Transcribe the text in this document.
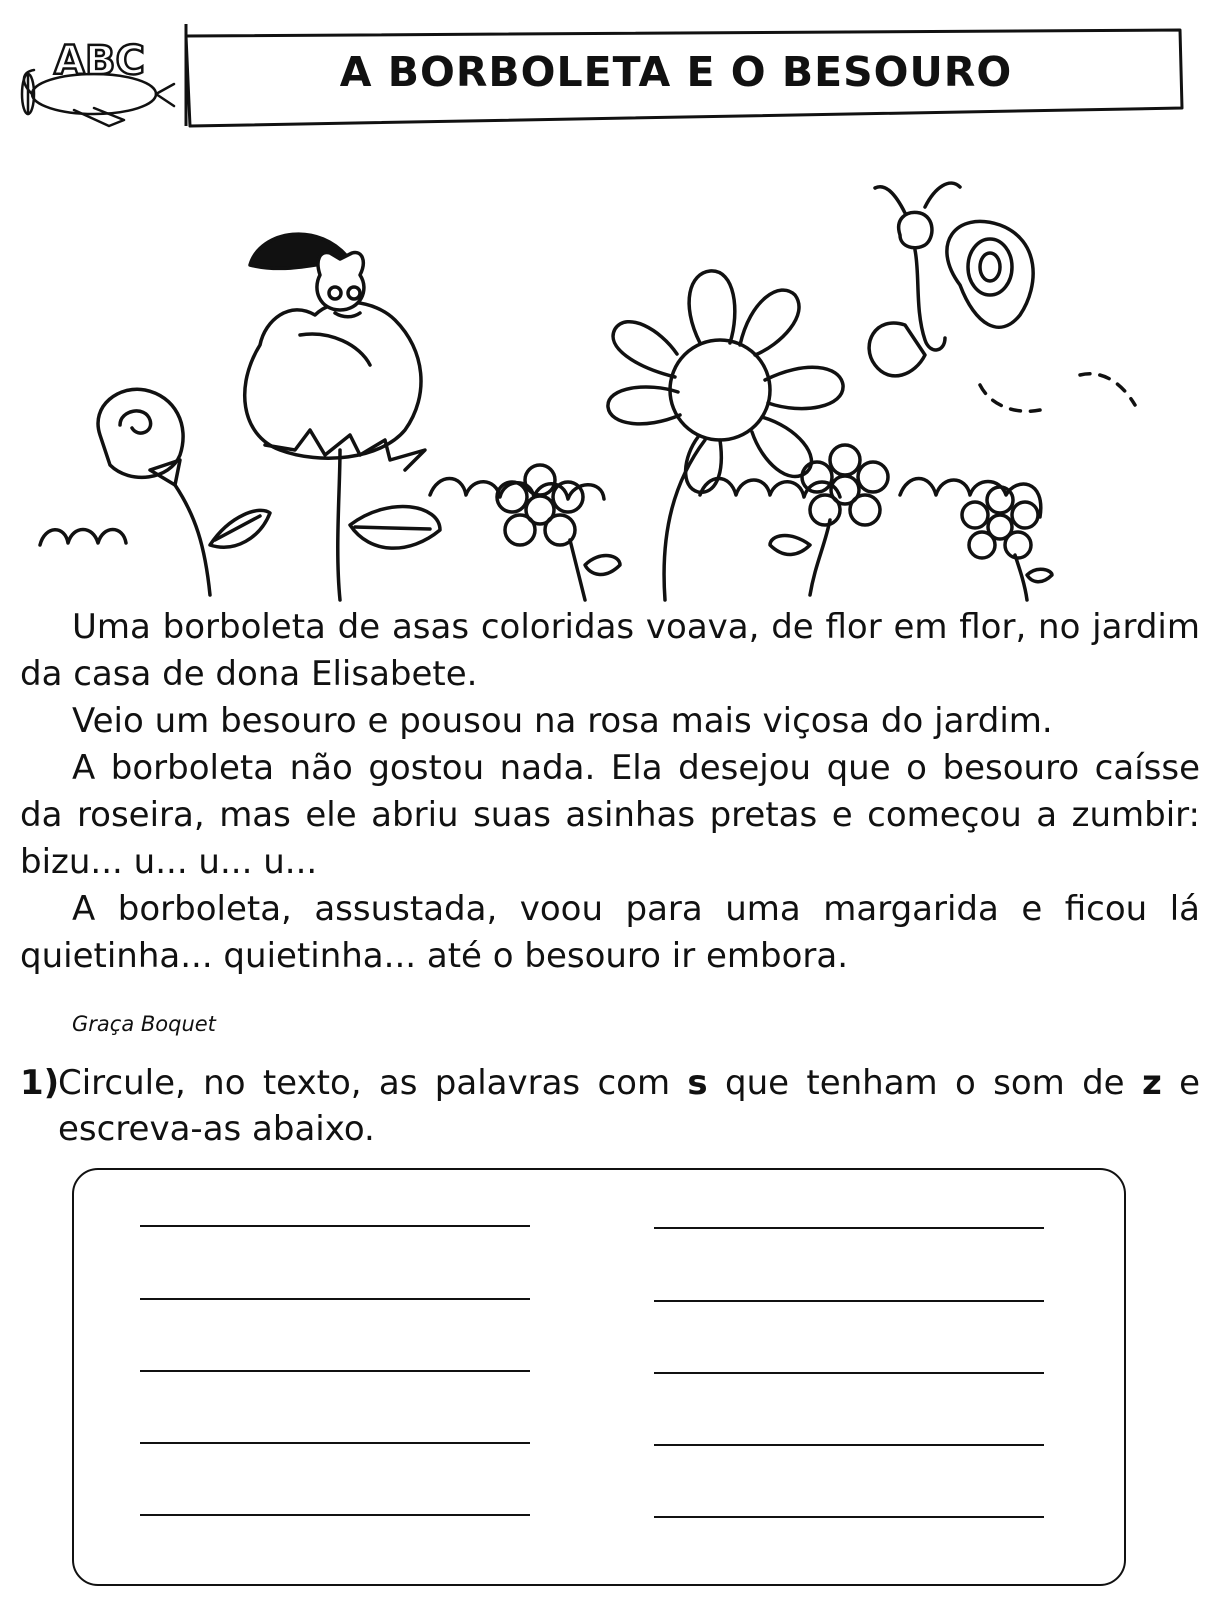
ABC	A BORBOLETA E O BESOURO

Uma borboleta de asas coloridas voava, de flor em flor, no jardim da casa de dona Elisabete.

Veio um besouro e pousou na rosa mais viçosa do jardim.

A borboleta não gostou nada. Ela desejou que o besouro caísse da roseira, mas ele abriu suas asinhas pretas e começou a zumbir: bizu... u... u... u...

A borboleta, assustada, voou para uma margarida e ficou lá quietinha... quietinha... até o besouro ir embora.

Graça Boquet
1)
Circule, no texto, as palavras com s que tenham o som de z e escreva-as abaixo.
